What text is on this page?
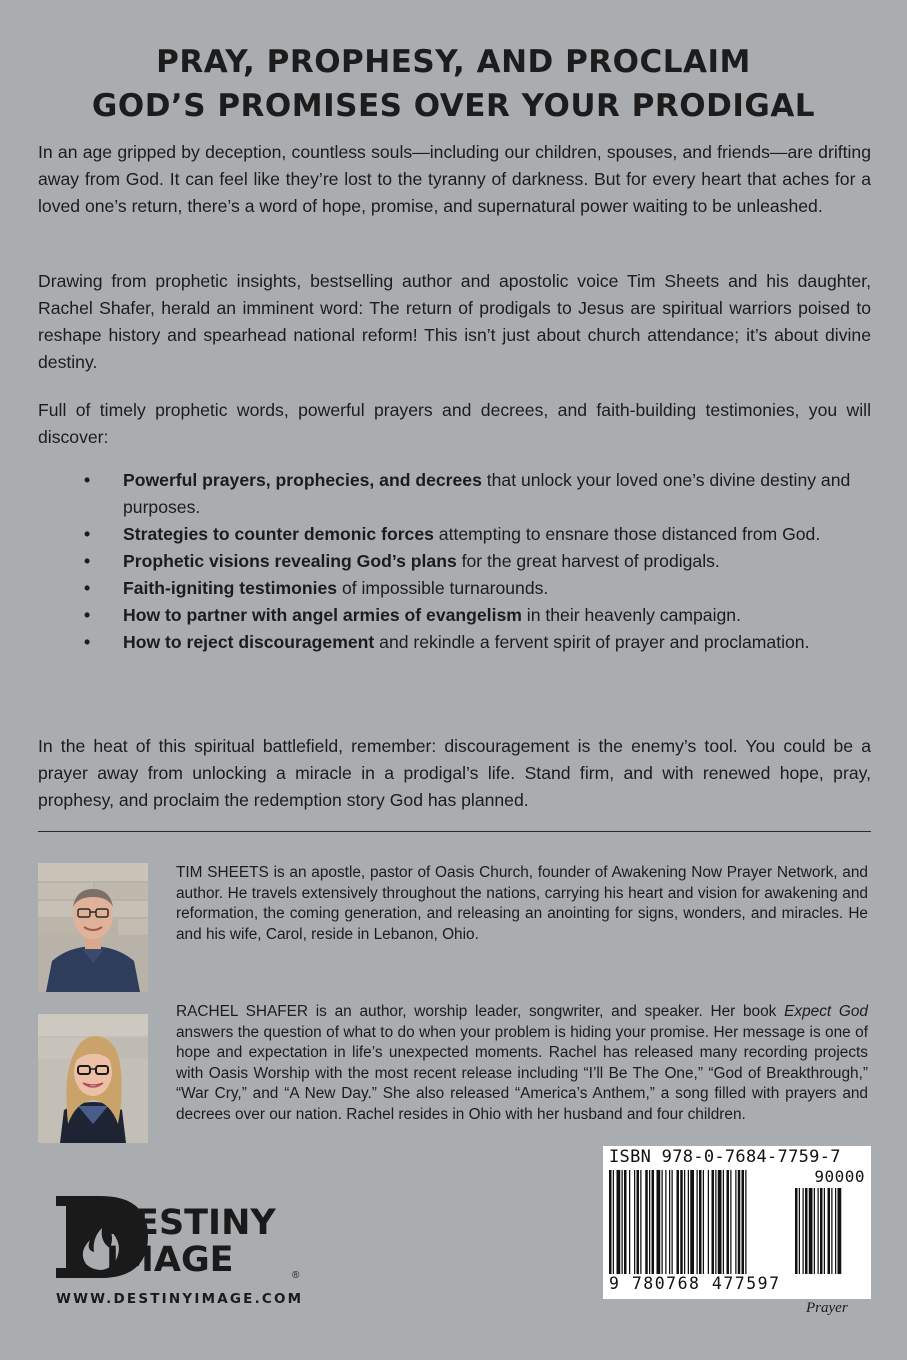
PRAY, PROPHESY, AND PROCLAIM
GOD’S PROMISES OVER YOUR PRODIGAL

In an age gripped by deception, countless souls—including our children, spouses, and friends—are drifting away from God. It can feel like they’re lost to the tyranny of darkness. But for every heart that aches for a loved one’s return, there’s a word of hope, promise, and supernatural power waiting to be unleashed.

Drawing from prophetic insights, bestselling author and apostolic voice Tim Sheets and his daughter, Rachel Shafer, herald an imminent word: The return of prodigals to Jesus are spiritual warriors poised to reshape history and spearhead national reform! This isn’t just about church attendance; it’s about divine destiny.

Full of timely prophetic words, powerful prayers and decrees, and faith-building testimonies, you will discover:

• Powerful prayers, prophecies, and decrees that unlock your loved one’s divine destiny and purposes.
• Strategies to counter demonic forces attempting to ensnare those distanced from God.
• Prophetic visions revealing God’s plans for the great harvest of prodigals.
• Faith-igniting testimonies of impossible turnarounds.
• How to partner with angel armies of evangelism in their heavenly campaign.
• How to reject discouragement and rekindle a fervent spirit of prayer and proclamation.

In the heat of this spiritual battlefield, remember: discouragement is the enemy’s tool. You could be a prayer away from unlocking a miracle in a prodigal’s life. Stand firm, and with renewed hope, pray, prophesy, and proclaim the redemption story God has planned.

TIM SHEETS is an apostle, pastor of Oasis Church, founder of Awakening Now Prayer Network, and author. He travels extensively throughout the nations, carrying his heart and vision for awakening and reformation, the coming generation, and releasing an anointing for signs, wonders, and miracles. He and his wife, Carol, reside in Lebanon, Ohio.

RACHEL SHAFER is an author, worship leader, songwriter, and speaker. Her book Expect God answers the question of what to do when your problem is hiding your promise. Her message is one of hope and expectation in life’s unexpected moments. Rachel has released many recording projects with Oasis Worship with the most recent release including “I’ll Be The One,” “God of Breakthrough,” “War Cry,” and “A New Day.” She also released “America’s Anthem,” a song filled with prayers and decrees over our nation. Rachel resides in Ohio with her husband and four children.

DESTINY
IMAGE	®
WWW.DESTINYIMAGE.COM
ISBN 978-0-7684-7759-7
90000
9 780768 477597
Prayer
